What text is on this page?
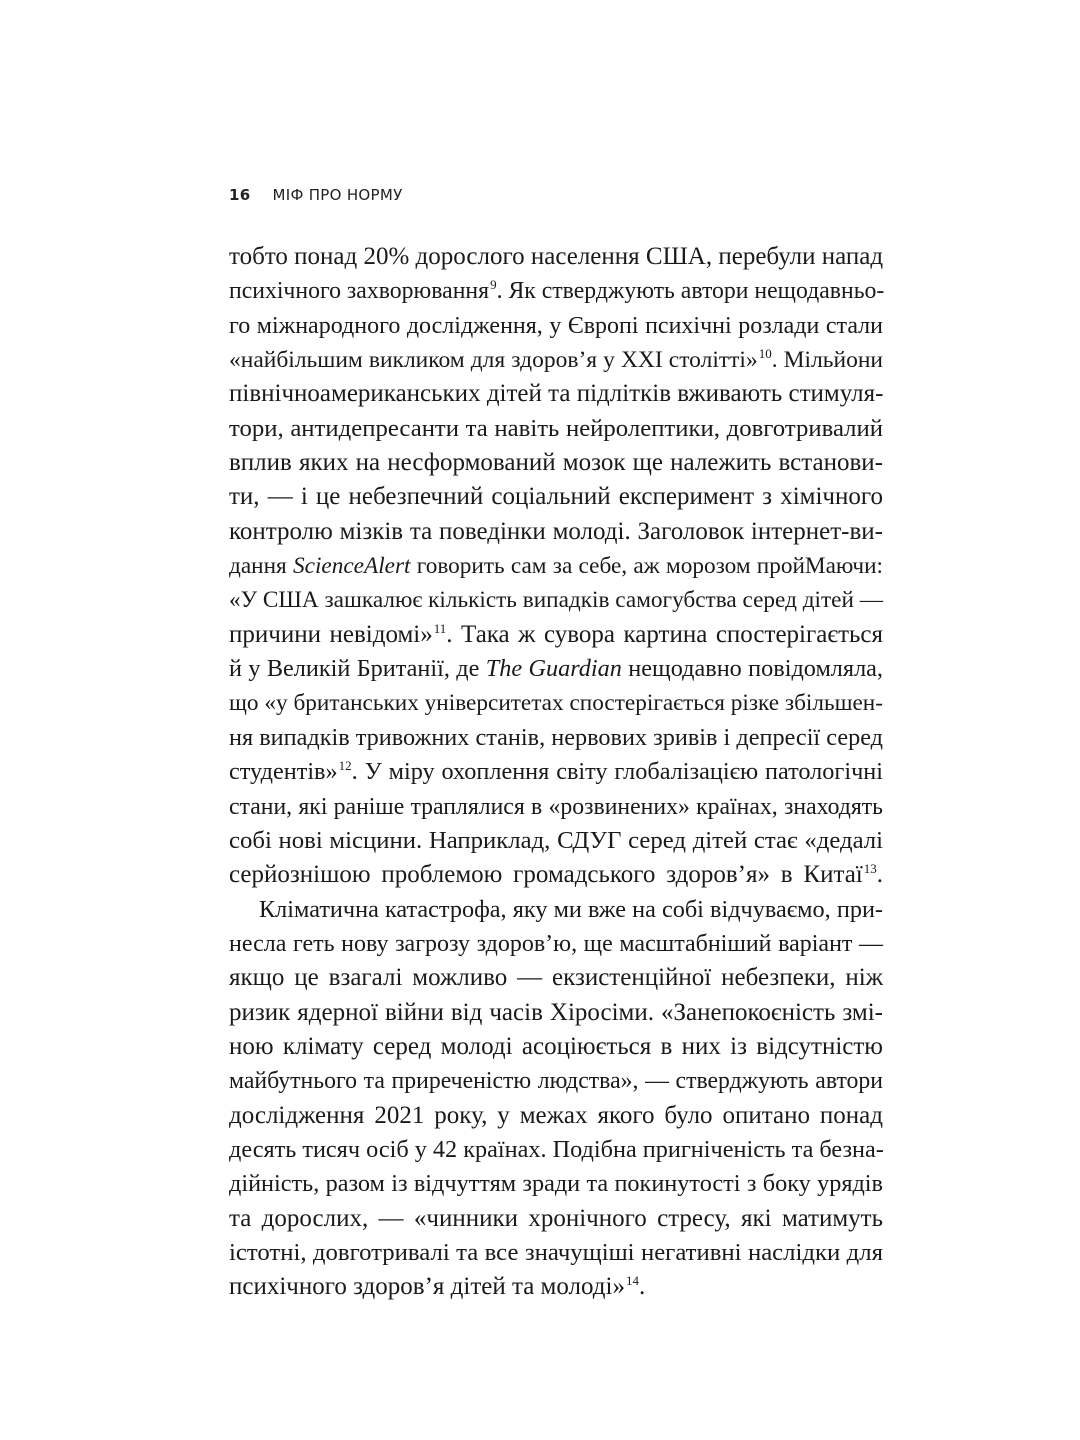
16 МІФ ПРО НОРМУ
тобто понад 20% дорослого населення США, перебули напад
психічного захворювання$^9$. Як стверджують автори нещодавньо-
го міжнародного дослідження, у Європі психічні розлади стали
«найбільшим викликом для здоров’я у XXI столітті»$^{10}$. Мільйони
північноамериканських дітей та підлітків вживають стимуля-
тори, антидепресанти та навіть нейролептики, довготривалий
вплив яких на несформований мозок ще належить встанови-
ти, — і це небезпечний соціальний експеримент з хімічного
контролю мізків та поведінки молоді. Заголовок інтернет-ви-
дання ScienceAlert говорить сам за себе, аж морозом пройМаючи:
«У США зашкалює кількість випадків самогубства серед дітей —
причини невідомі»$^{11}$. Така ж сувора картина спостерігається
й у Великій Британії, де The Guardian нещодавно повідомляла,
що «у британських університетах спостерігається різке збільшен-
ня випадків тривожних станів, нервових зривів і депресії серед
студентів»$^{12}$. У міру охоплення світу глобалізацією патологічні
стани, які раніше траплялися в «розвинених» країнах, знаходять
собі нові місцини. Наприклад, СДУГ серед дітей стає «дедалі
серйознішою проблемою громадського здоров’я» в Китаї$^{13}$.
Кліматична катастрофа, яку ми вже на собі відчуваємо, при-
несла геть нову загрозу здоров’ю, ще масштабніший варіант —
якщо це взагалі можливо — екзистенційної небезпеки, ніж
ризик ядерної війни від часів Хіросіми. «Занепокоєність змі-
ною клімату серед молоді асоціюється в них із відсутністю
майбутнього та приреченістю людства», — стверджують автори
дослідження 2021 року, у межах якого було опитано понад
десять тисяч осіб у 42 країнах. Подібна пригніченість та безна-
дійність, разом із відчуттям зради та покинутості з боку урядів
та дорослих, — «чинники хронічного стресу, які матимуть
істотні, довготривалі та все значущіші негативні наслідки для
психічного здоров’я дітей та молоді»$^{14}$.
